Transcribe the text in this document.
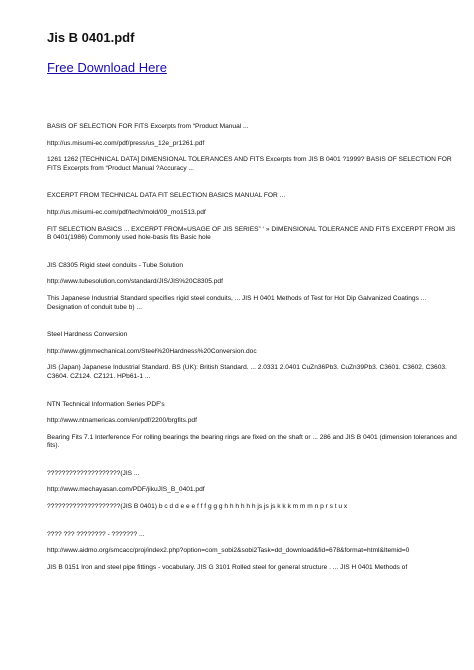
Jis B 0401.pdf
Free Download Here
BASIS OF SELECTION FOR FITS Excerpts from “Product Manual ...
http://us.misumi-ec.com/pdf/press/us_12e_pr1261.pdf
1261 1262 [TECHNICAL DATA] DIMENSIONAL TOLERANCES AND FITS Excerpts from JIS B 0401 ?1999? BASIS OF SELECTION FOR FITS Excerpts from “Product Manual ?Accuracy ...
EXCERPT FROM TECHNICAL DATA FIT SELECTION BASICS MANUAL FOR ...
http://us.misumi-ec.com/pdf/tech/mold/09_mo1513.pdf
FIT SELECTION BASICS ... EXCERPT FROM«USAGE OF JIS SERIES” ‘ » DIMENSIONAL TOLERANCE AND FITS EXCERPT FROM JIS B 0401(1986) Commonly used hole-basis fits Basic hole
JIS C8305 Rigid steel conduits - Tube Solution
http://www.tubesolution.com/standard/JIS/JIS%20C8305.pdf
This Japanese Industrial Standard specifies rigid steel conduits, ... JIS H 0401 Methods of Test for Hot Dip Galvanized Coatings ... Designation of conduit tube b) ...
Steel Hardness Conversion
http://www.gtjmmechanical.com/Steel%20Hardness%20Conversion.doc
JIS (Japan) Japanese Industrial Standard. BS (UK): British Standard. ... 2.0331 2.0401 CuZn36Pb3. CuZn39Pb3. C3601. C3602. C3603. C3604. CZ124. CZ121. HPb61-1 ...
NTN Technical Information Series PDF's
http://www.ntnamericas.com/en/pdf/2200/brgfits.pdf
Bearing Fits 7.1 Interference For rolling bearings the bearing rings are fixed on the shaft or ... 286 and JIS B 0401 (dimension tolerances and fits).
????????????????????(JIS ...
http://www.mechayasan.com/PDF/jikuJIS_B_0401.pdf
????????????????????(JIS B 0401) b c d d e e e f f f g g g h h h h h h js js js k k k m m m n p r s t u x
???? ??? ???????? - ??????? ...
http://www.aidmo.org/smcacc/proj/index2.php?option=com_sobi2&sobi2Task=dd_download&fid=678&format=html&Itemid=0
JIS B 0151 Iron and steel pipe fittings - vocabulary. JIS G 3101 Rolled steel for general structure . ... JIS H 0401 Methods of
